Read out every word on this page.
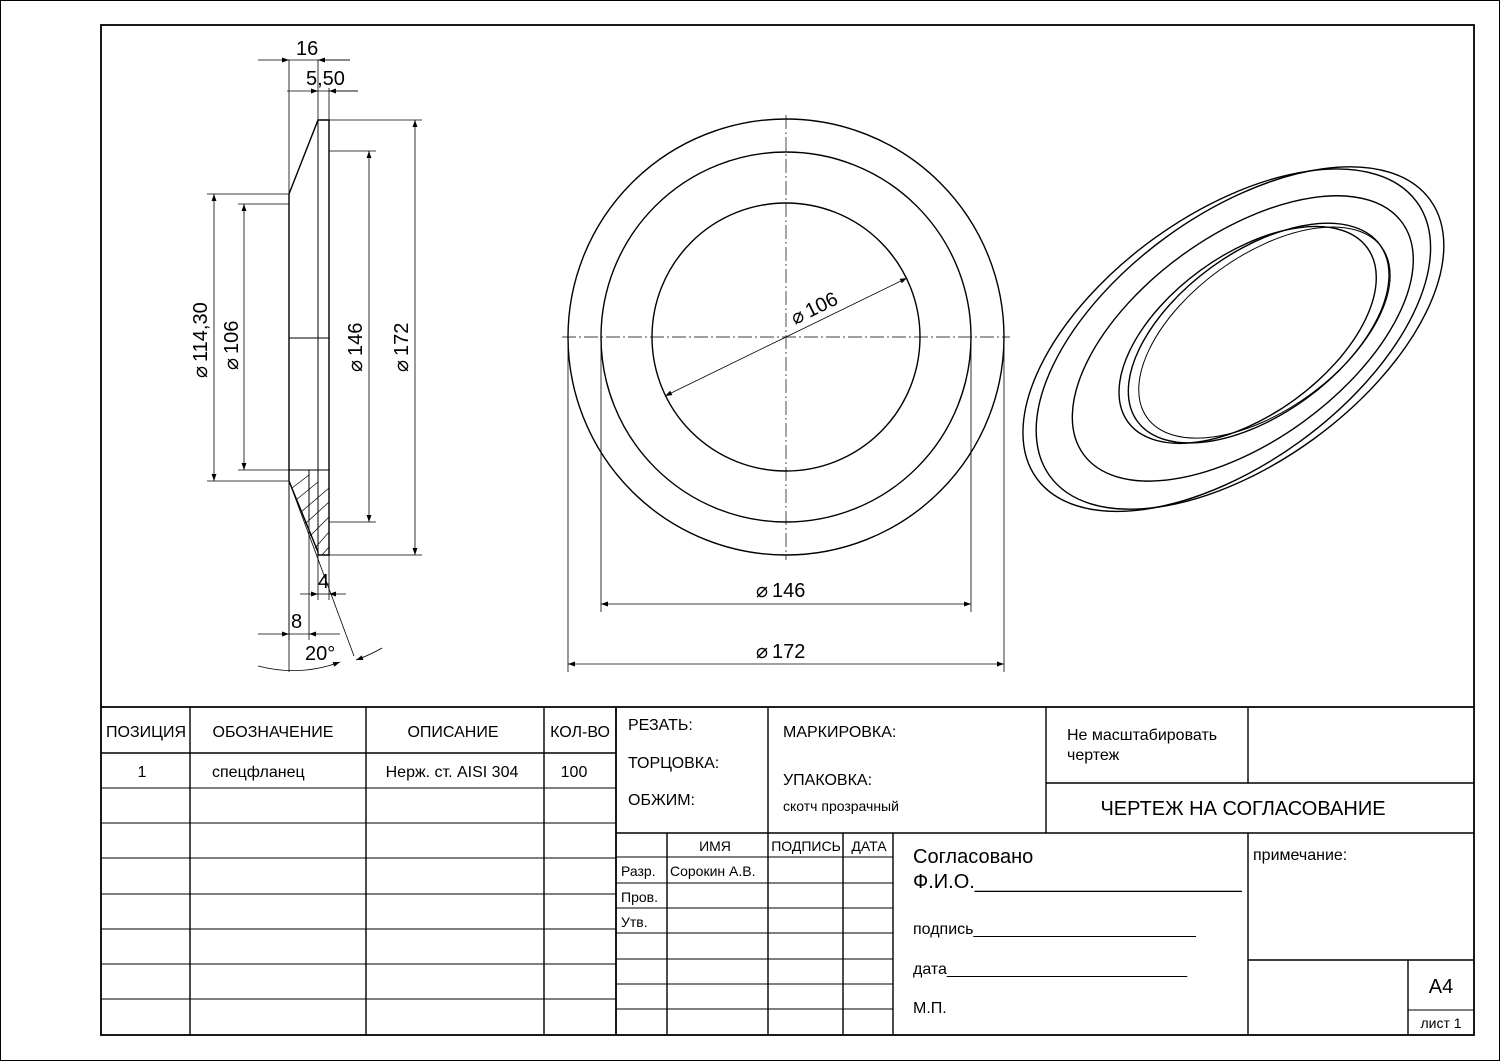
16
5,50
⌀114,30
⌀106
⌀146
⌀172
4
8
20°
⌀106
⌀ 146
⌀ 172
ПОЗИЦИЯ ОБОЗНАЧЕНИЕ	ОПИСАНИЕ	КОЛ-ВО
1	спецфланец	Нерж. ст. AISI 304	100
РЕЗАТЬ:
ТОРЦОВКА:
ОБЖИМ:
МАРКИРОВКА:
УПАКОВКА:
скотч прозрачный
Не масштабировать
чертеж
ЧЕРТЕЖ НА СОГЛАСОВАНИЕ
ИМЯ	ПОДПИСЬ ДАТА
Разр. Сорокин А.В.
Пров.
Утв.
Согласовано
Ф.И.О.________________________
подпись_________________________
дата___________________________
М.П.
примечание:
А4
лист 1
